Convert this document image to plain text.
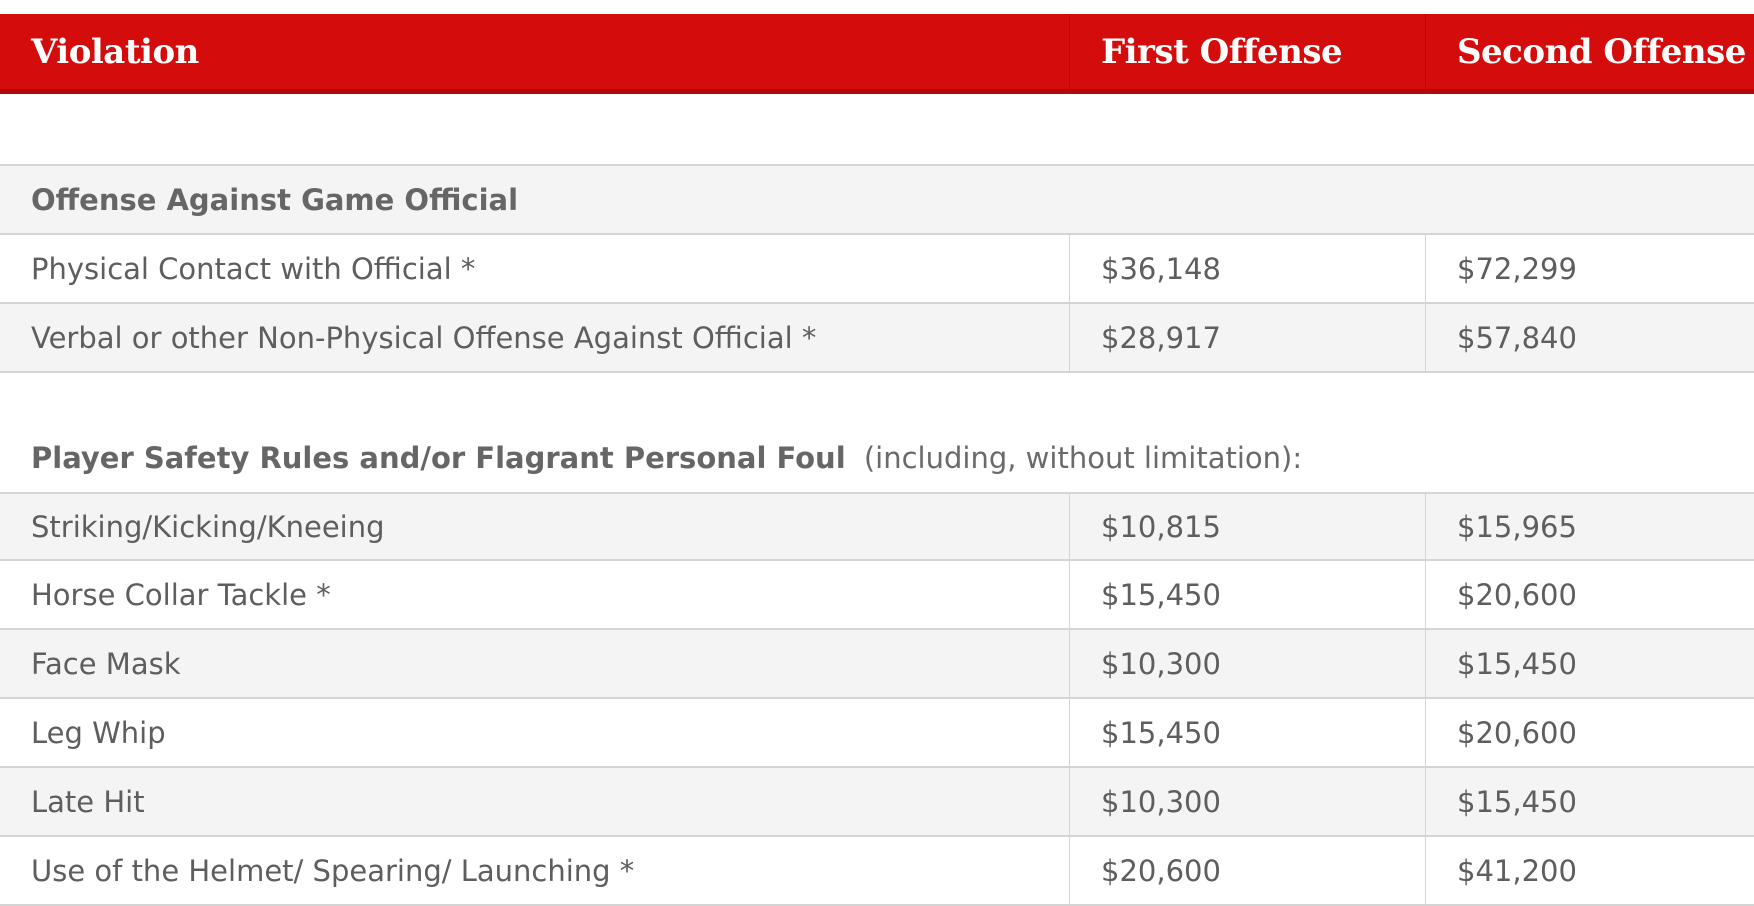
Violation	First Offense	Second Offense
Offense Against Game Official
Physical Contact with Official *	$36,148	$72,299
Verbal or other Non-Physical Offense Against Official *	$28,917	$57,840
Player Safety Rules and/or Flagrant Personal Foul (including, without limitation):
Striking/Kicking/Kneeing	$10,815	$15,965
Horse Collar Tackle *	$15,450	$20,600
Face Mask	$10,300	$15,450
Leg Whip	$15,450	$20,600
Late Hit	$10,300	$15,450
Use of the Helmet/ Spearing/ Launching *	$20,600	$41,200
